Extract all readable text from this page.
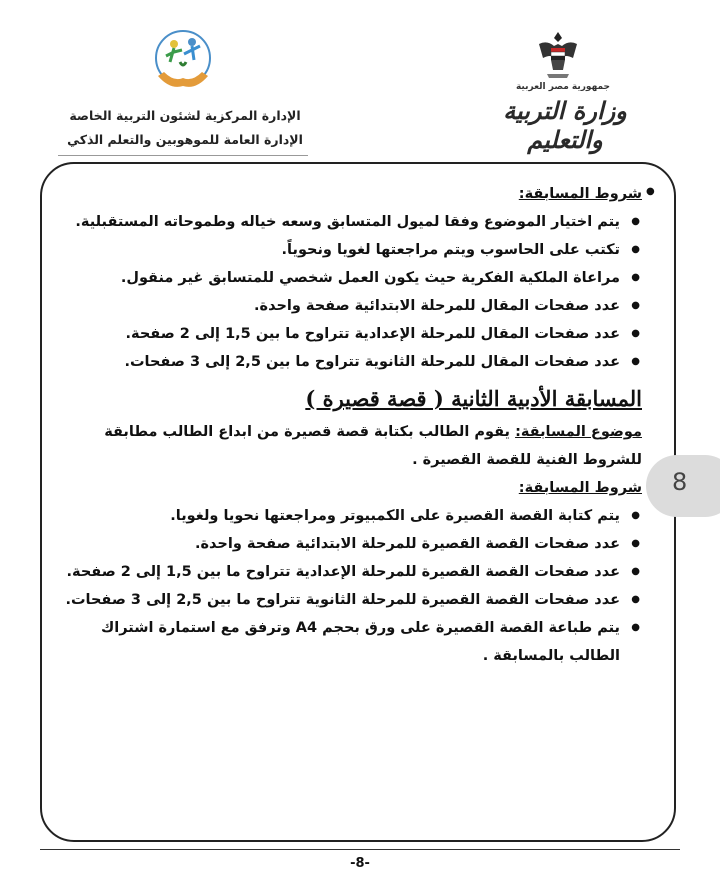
جمهورية مصر العربية
وزارة التربية والتعليم
الإدارة المركزية لشئون التربية الخاصة
الإدارة العامة للموهوبين والتعلم الذكي
8
●
شروط المسابقة:
● يتم اختيار الموضوع وفقا لميول المتسابق وسعه خياله وطموحاته المستقبلية.
● تكتب على الحاسوب ويتم مراجعتها لغويا ونحوياً.
● مراعاة الملكية الفكرية حيث يكون العمل شخصي للمتسابق غير منقول.
● عدد صفحات المقال للمرحلة الابتدائية صفحة واحدة.
● عدد صفحات المقال للمرحلة الإعدادية تتراوح ما بين 1,5 إلى 2 صفحة.
● عدد صفحات المقال للمرحلة الثانوية تتراوح ما بين 2,5 إلى 3 صفحات.
المسابقة الأدبية الثانية ( قصة قصيرة )
موضوع المسابقة: يقوم الطالب بكتابة قصة قصيرة من ابداع الطالب مطابقة للشروط الفنية للقصة القصيرة .
شروط المسابقة:
● يتم كتابة القصة القصيرة على الكمبيوتر ومراجعتها نحويا ولغويا.
● عدد صفحات القصة القصيرة للمرحلة الابتدائية صفحة واحدة.
● عدد صفحات القصة القصيرة للمرحلة الإعدادية تتراوح ما بين 1,5 إلى 2 صفحة.
● عدد صفحات القصة القصيرة للمرحلة الثانوية تتراوح ما بين 2,5 إلى 3 صفحات.
● يتم طباعة القصة القصيرة على ورق بحجم A4 وترفق مع استمارة اشتراك الطالب بالمسابقة .
-8-
